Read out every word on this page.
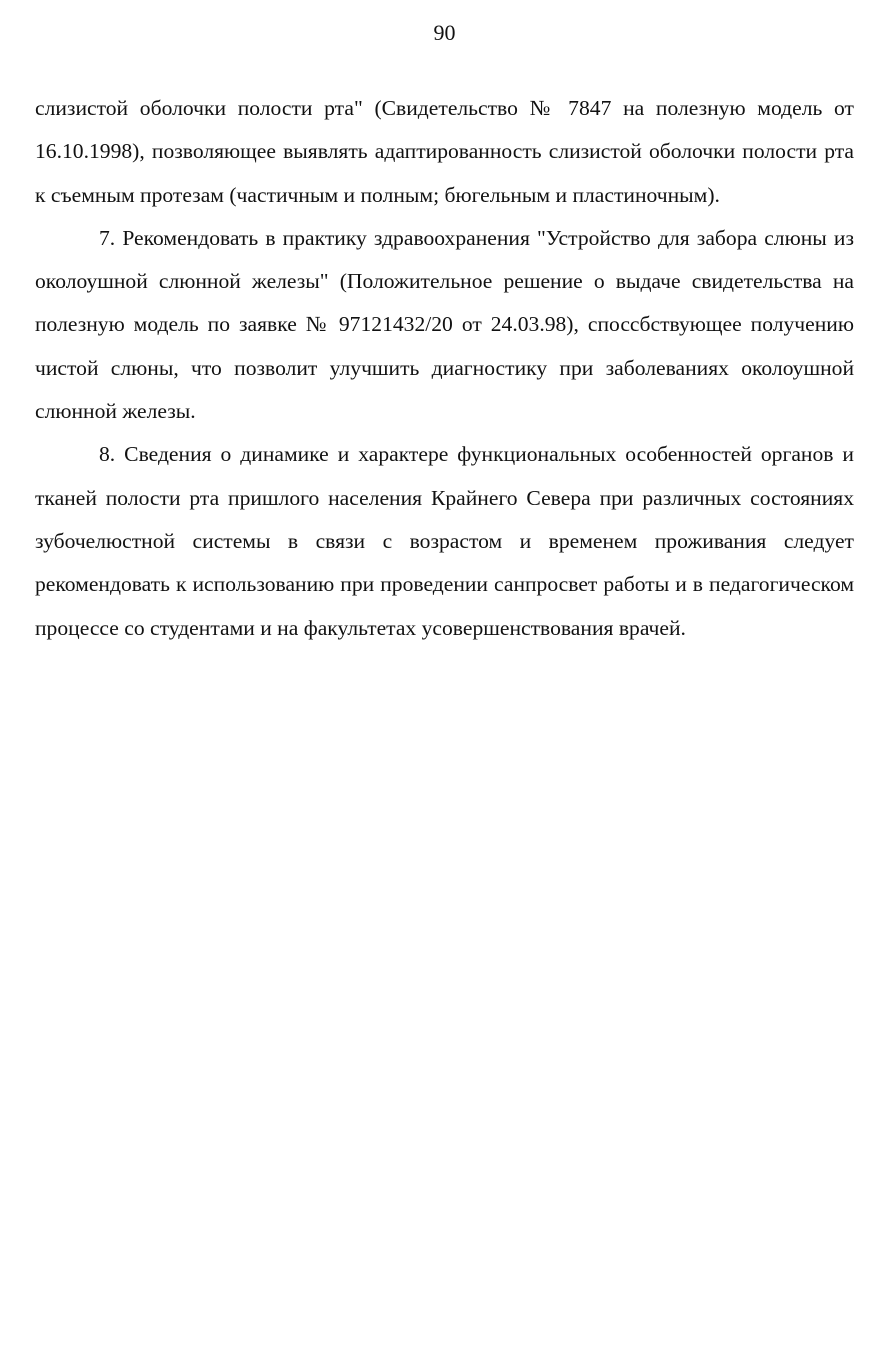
90

слизистой оболочки полости рта" (Свидетельство № 7847 на полезную модель от 16.10.1998), позволяющее выявлять адаптированность слизистой оболочки полости рта к съемным протезам (частичным и полным; бюгельным и пластиночным).

7. Рекомендовать в практику здравоохранения "Устройство для забора слюны из околоушной слюнной железы" (Положительное решение о выдаче свидетельства на полезную модель по заявке № 97121432/20 от 24.03.98), спосcбствующее получению чистой слюны, что позволит улучшить диагностику при заболеваниях околоушной слюнной железы.

8. Сведения о динамике и характере функциональных особенностей органов и тканей полости рта пришлого населения Крайнего Севера при различных состояниях зубочелюстной системы в связи с возрастом и временем проживания следует рекомендовать к использованию при проведении санпросвет работы и в педагогическом процессе со студентами и на факультетах усовершенствования врачей.
